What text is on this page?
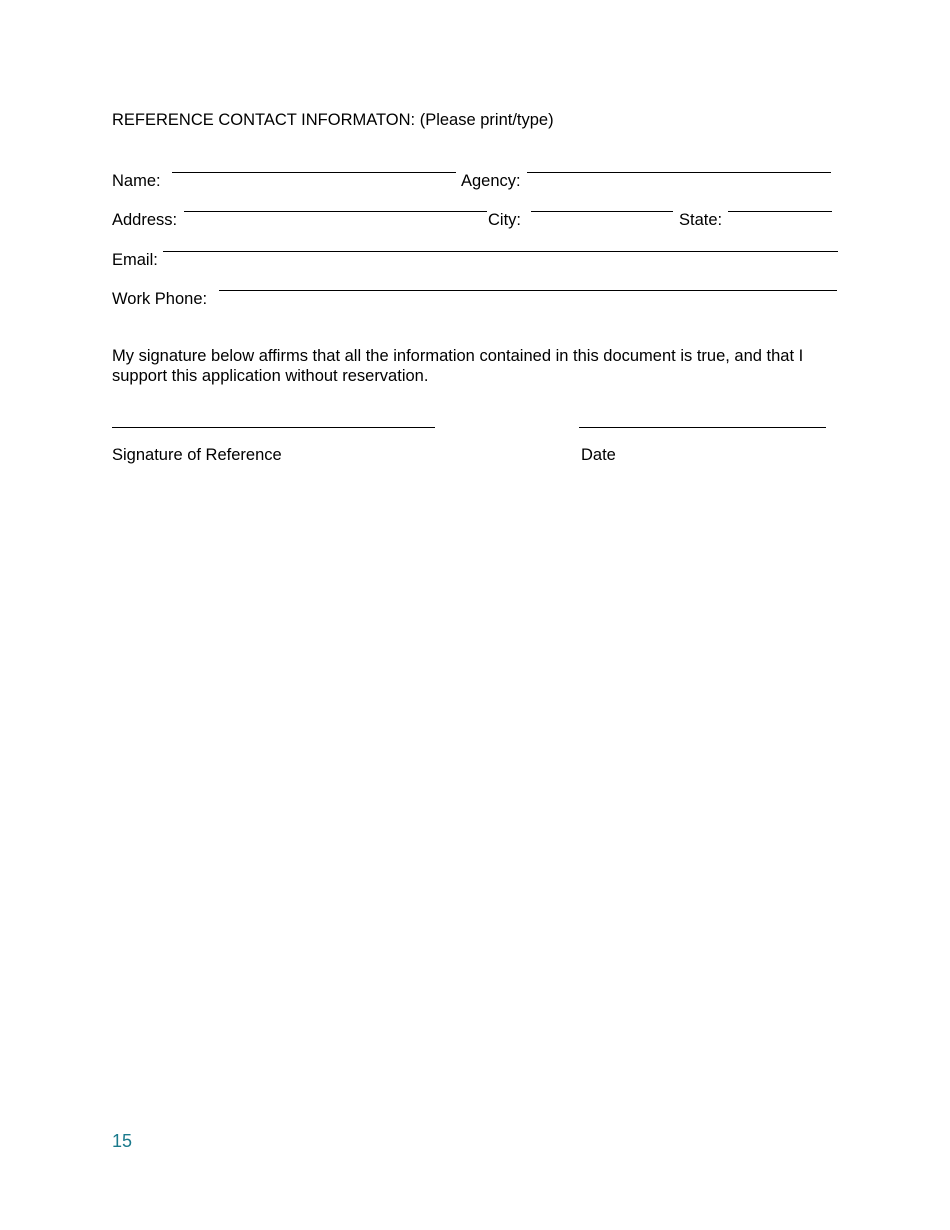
REFERENCE CONTACT INFORMATON: (Please print/type)
Name:	Agency:
Address:	City:	State:
Email:
Work Phone:
My signature below affirms that all the information contained in this document is true, and that I support this application without reservation.
Signature of Reference	Date
15
